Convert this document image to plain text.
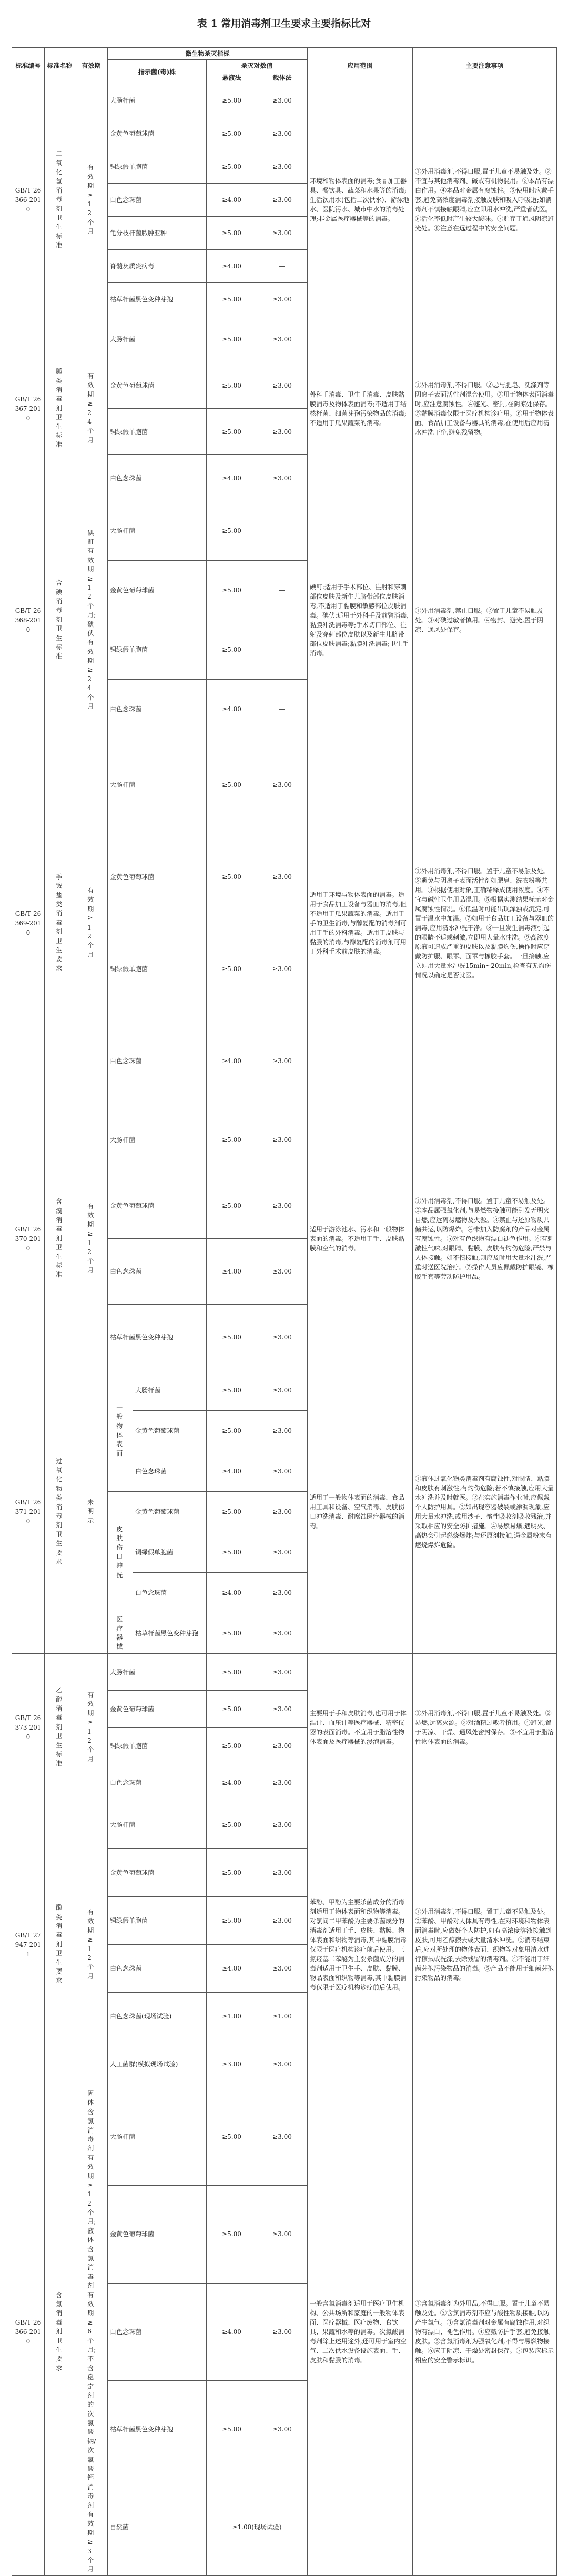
表 1 常用消毒剂卫生要求主要指标比对
标准编号	标准名称	有效期	微生物杀灭指标				应用范围	主要注意事项
			指示菌(毒)株		杀灭对数值			
					悬液法	载体法		
GB/T 26366-2010	二氧化氯消毒剂卫生标准	有效期≥12个月	大肠杆菌		≥5.00	≥3.00	环境和物体表面的消毒;食品加工器具、餐饮具、蔬菜和水果等的消毒;生活饮用水(包括二次供水)、游泳池水、医院污水、城市中水的消毒处理;非金属医疗器械等的消毒。	①外用消毒剂,不得口服,置于儿童不易触及处。②不宜与其他消毒剂、碱或有机物混用。③本品有漂白作用。④本品对金属有腐蚀性。⑤使用时应戴手套,避免高浓度消毒剂接触皮肤和吸入呼吸道;如消毒剂不慎接触眼睛,应立即用水冲洗,严重者就医。⑥活化率低时产生较大酸味。⑦贮存于通风阴凉避光处。⑧注意在远过程中的安全问题。
			金黄色葡萄球菌		≥5.00	≥3.00		
			铜绿假单胞菌		≥5.00	≥3.00		
			白色念珠菌		≥4.00	≥3.00		
			龟分枝杆菌脓肿亚种		≥5.00	≥3.00		
			脊髓灰质炎病毒		≥4.00	—		
			枯草杆菌黑色变种芽孢		≥5.00	≥3.00		
GB/T 26367-2010	胍类消毒剂卫生标准	有效期≥24个月	大肠杆菌		≥5.00	≥3.00	外科手消毒、卫生手消毒、皮肤黏膜消毒及物体表面消毒;不适用于结核杆菌、细菌芽孢污染物品的消毒;不适用于瓜果蔬菜的消毒。	①外用消毒剂,不得口服。②忌与肥皂、洗涤剂等阴离子表面活性剂混合使用。③用于物体表面消毒时,应注意腐蚀性。④避光、密封,在阴凉处保存。⑤黏膜消毒仅限于医疗机构诊疗用。⑥用于物体表面、食品加工设备与器具的消毒,在使用后应用清水冲洗干净,避免残留物。
			金黄色葡萄球菌		≥5.00	≥3.00		
			铜绿假单胞菌		≥5.00	≥3.00		
			白色念珠菌		≥4.00	≥3.00		
GB/T 26368-2010	含碘消毒剂卫生标准	碘酊有效期≥12个月;碘伏有效期≥24个月	大肠杆菌		≥5.00	—	碘酊:适用于手术部位、注射和穿刺部位皮肤及新生儿脐带部位皮肤消毒,不适用于黏膜和敏感部位皮肤消毒。碘伏:适用于外科手及前臂消毒,黏膜冲洗消毒等;手术切口部位、注射及穿刺部位皮肤以及新生儿脐带部位皮肤消毒;黏膜冲洗消毒;卫生手消毒。	①外用消毒剂,禁止口服。②置于儿童不易触及处。③对碘过敏者慎用。④密封、避光,置于阴凉、通风处保存。
			金黄色葡萄球菌		≥5.00	—		
			铜绿假单胞菌		≥5.00	—		
			白色念珠菌		≥4.00	—		
GB/T 26369-2010	季铵盐类消毒剂卫生要求	有效期≥12个月	大肠杆菌		≥5.00	≥3.00	适用于环境与物体表面的消毒。适用于食品加工设备与器皿的消毒,但不适用于瓜果蔬菜的消毒。适用于手的卫生消毒,与醇复配的消毒剂可用于手的外科消毒。适用于皮肤与黏膜的消毒,与醇复配的消毒剂可用于外科手术前皮肤的消毒。	①外用消毒剂,不得口服。置于儿童不易触及处。②避免与阴离子表面活性剂如肥皂、洗衣粉等共用。③根据使用对象,正确稀释成使用浓度。④不宜与碱性卫生用品混用。⑤根据实测结果标示对金属腐蚀性情况。⑥低温时可能出现浑浊或沉淀,可置于温水中加温。⑦如用于食品加工设备与器皿的消毒,应用清水冲洗干净。⑧一旦发生消毒液引起的眼睛不适或刺激,立即用大量水冲洗。⑨高浓度原液可造成严重的皮肤以及黏膜灼伤,操作时应穿戴防护服、眼罩、面罩与橡胶手套。一旦接触,应立即用大量水冲洗15min~20min,检查有无灼伤情况以确定是否就医。
			金黄色葡萄球菌		≥5.00	≥3.00		
			铜绿假单胞菌		≥5.00	≥3.00		
			白色念珠菌		≥4.00	≥3.00		
GB/T 26370-2010	含溴消毒剂卫生标准	有效期≥12个月	大肠杆菌		≥5.00	≥3.00	适用于游泳池水、污水和一般物体表面的消毒。不适用于手、皮肤黏膜和空气的消毒。	①外用消毒剂,不得口服。置于儿童不易触及处。②本品属强氧化剂,与易燃物接触可能引发无明火自燃,应远离易燃物及火源。③禁止与还原物质共储共运,以防爆炸。④未加入防腐剂的产品对金属有腐蚀性。⑤对有色织物有漂白褪色作用。⑥有刺激性气味,对眼睛、黏膜、皮肤有灼伤危险,严禁与人体接触。如不慎接触,则应及时用大量水冲洗,严重时送医院治疗。⑦操作人员应佩戴防护眼镜、橡胶手套等劳动防护用品。
			金黄色葡萄球菌		≥5.00	≥3.00		
			白色念珠菌		≥4.00	≥3.00		
			枯草杆菌黑色变种芽孢		≥5.00	≥3.00		
GB/T 26371-2010	过氧化物类消毒剂卫生要求	未明示	一般物体表面	大肠杆菌	≥5.00	≥3.00	适用于一般物体表面的消毒、食品用工具和设备、空气消毒、皮肤伤口冲洗消毒、耐腐蚀医疗器械的消毒。	①液体过氧化物类消毒剂有腐蚀性,对眼睛、黏膜和皮肤有刺激性,有灼伤危险;若不慎接触,应用大量水冲洗并及时就医。②在实施消毒作业时,应佩戴个人防护用具。③如出现容器破裂或渗漏现象,应用大量水冲洗,或用沙子、惰性吸收剂吸收残液,并采取相应的安全防护措施。④易燃易爆,遇明火、高热会引起燃烧爆炸;与还原剂接触,遇金属粉末有燃烧爆炸危险。
				金黄色葡萄球菌	≥5.00	≥3.00		
				白色念珠菌	≥4.00	≥3.00		

			皮肤伤口冲洗	金黄色葡萄球菌	≥5.00	≥3.00		
				铜绿假单胞菌	≥5.00	≥3.00		
				白色念珠菌	≥4.00	≥3.00		

			医疗器械	枯草杆菌黑色变种芽孢	≥5.00	≥3.00		
GB/T 26373-2010	乙醇消毒剂卫生标准	有效期≥12个月	大肠杆菌		≥5.00	≥3.00	主要用于手和皮肤消毒,也可用于体温计、血压计等医疗器械、精密仪器的表面消毒。不宜用于脂溶性物体表面及医疗器械的浸泡消毒。	①外用消毒剂,不得口服,置于儿童不易触及处。②易燃,远离火源。③对酒精过敏者慎用。④避光,置于阴凉、干燥、通风处密封保存。⑤不宜用于脂溶性物体表面的消毒。
			金黄色葡萄球菌		≥5.00	≥3.00		
			铜绿假单胞菌		≥5.00	≥3.00		
			白色念珠菌		≥4.00	≥3.00		
GB/T 27947-2011	酚类消毒剂卫生要求	有效期≥12个月	大肠杆菌		≥5.00	≥3.00	苯酚、甲酚为主要杀菌成分的消毒剂适用于物体表面和织物等消毒。对氯间二甲苯酚为主要杀菌成分的消毒剂适用于手、皮肤、黏膜、物体表面和织物等消毒,其中黏膜消毒仅限于医疗机构诊疗前后使用。三氯羟基二苯醚为主要杀菌成分的消毒剂适用于卫生手、皮肤、黏膜、物品表面和织物等消毒,其中黏膜消毒仅限于医疗机构诊疗前后使用。	①外用消毒剂,不得口服。置于儿童不易触及处。②苯酚、甲酚对人体具有毒性,在对环境和物体表面消毒时,应做好个人防护,如有高浓度溶液接触到皮肤,可用乙醇擦去或大量清水冲洗。③消毒结束后,应对所处理的物体表面、织物等对象用清水进行擦拭或洗涤,去除残留的消毒剂。④不能用于细菌芽孢污染物品的消毒。⑤产品不能用于细菌芽孢污染物品的消毒。
			金黄色葡萄球菌		≥5.00	≥3.00		
			铜绿假单胞菌		≥5.00	≥3.00		
			白色念珠菌		≥4.00	≥3.00		
			白色念珠菌(现场试验)		≥1.00	≥1.00		
			人工菌群(模拟现场试验)		≥3.00	≥3.00		
GB/T 26366-2010	含氯消毒剂卫生要求	固体含氯消毒剂有效期≥12个月;液体含氯消毒剂有效期≥6个月;不含稳定剂的次氯酸钠/次氯酸钙消毒剂有效期≥3个月	大肠杆菌		≥5.00	≥3.00	一般含氯消毒剂适用于医疗卫生机构、公共场所和家庭的一般物体表面、医疗器械、医疗废物、食饮具、果蔬和水等的消毒。次氯酸消毒剂除上述用途外,还可用于室内空气、二次供水设备设施表面、手、皮肤和黏膜的消毒。	①含氯消毒剂为外用品,不得口服。置于儿童不易触及处。②含氯消毒剂不应与酸性物质接触,以防产生氯气。③含氯消毒剂对金属有腐蚀作用,对织物有漂白、褪色作用。④应戴防护手套,避免接触皮肤。⑤含氯消毒剂为强氧化剂,不得与易燃物接触。⑥应于阴凉、干燥处密封保存。⑦包装应标示相应的安全警示标识。
			金黄色葡萄球菌		≥5.00	≥3.00		
			白色念珠菌		≥4.00	≥3.00		
			枯草杆菌黑色变种芽孢		≥5.00	≥3.00		
			自然菌		≥1.00(现场试验)			
